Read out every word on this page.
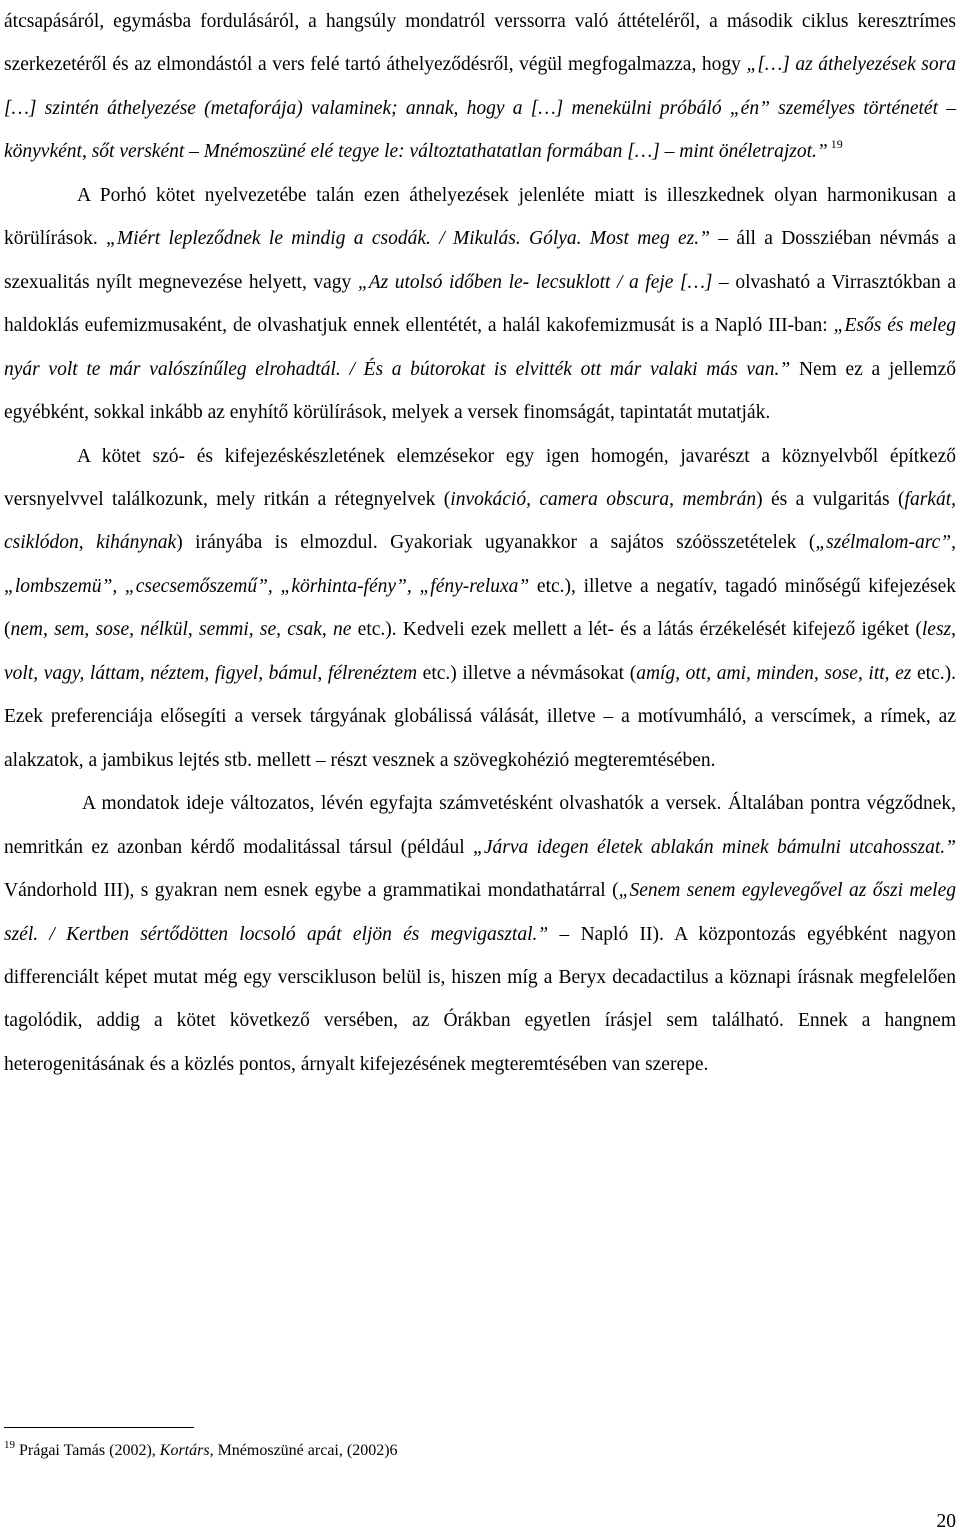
átcsapásáról, egymásba fordulásáról, a hangsúly mondatról verssorra való áttételéről, a második ciklus keresztrímes szerkezetéről és az elmondástól a vers felé tartó áthelyeződésről, végül megfogalmazza, hogy „[…] az áthelyezések sora […] szintén áthelyezése (metaforája) valaminek; annak, hogy a […] menekülni próbáló „én” személyes történetét – könyvként, sőt versként – Mnémoszüné elé tegye le: változtathatatlan formában […] – mint önéletrajzot.” $^{19}$

A Porhó kötet nyelvezetébe talán ezen áthelyezések jelenléte miatt is illeszkednek olyan harmonikusan a körülírások. „Miért lepleződnek le mindig a csodák. / Mikulás. Gólya. Most meg ez.” – áll a Dossziéban névmás a szexualitás nyílt megnevezése helyett, vagy „Az utolsó időben le- lecsuklott / a feje […] – olvasható a Virrasztókban a haldoklás eufemizmusaként, de olvashatjuk ennek ellentétét, a halál kakofemizmusát is a Napló III-ban: „Esős és meleg nyár volt te már valószínűleg elrohadtál. / És a bútorokat is elvitték ott már valaki más van.” Nem ez a jellemző egyébként, sokkal inkább az enyhítő körülírások, melyek a versek finomságát, tapintatát mutatják.

A kötet szó- és kifejezéskészletének elemzésekor egy igen homogén, javarészt a köznyelvből építkező versnyelvvel találkozunk, mely ritkán a rétegnyelvek (invokáció, camera obscura, membrán) és a vulgaritás (farkát, csiklódon, kihánynak) irányába is elmozdul. Gyakoriak ugyanakkor a sajátos szóösszetételek („szélmalom-arc”, „lombszemü”, „csecsemőszemű”, „körhinta-fény”, „fény-reluxa” etc.), illetve a negatív, tagadó minőségű kifejezések (nem, sem, sose, nélkül, semmi, se, csak, ne etc.). Kedveli ezek mellett a lét- és a látás érzékelését kifejező igéket (lesz, volt, vagy, láttam, néztem, figyel, bámul, félrenéztem etc.) illetve a névmásokat (amíg, ott, ami, minden, sose, itt, ez etc.). Ezek preferenciája elősegíti a versek tárgyának globálissá válását, illetve – a motívumháló, a verscímek, a rímek, az alakzatok, a jambikus lejtés stb. mellett – részt vesznek a szövegkohézió megteremtésében.

A mondatok ideje változatos, lévén egyfajta számvetésként olvashatók a versek. Általában pontra végződnek, nemritkán ez azonban kérdő modalitással társul (például „Járva idegen életek ablakán minek bámulni utcahosszat.” Vándorhold III), s gyakran nem esnek egybe a grammatikai mondathatárral („Senem senem egylevegővel az őszi meleg szél. / Kertben sértődötten locsoló apát eljön és megvigasztal.” – Napló II). A központozás egyébként nagyon differenciált képet mutat még egy verscikluson belül is, hiszen míg a Beryx decadactilus a köznapi írásnak megfelelően tagolódik, addig a kötet következő versében, az Órákban egyetlen írásjel sem található. Ennek a hangnem heterogenitásának és a közlés pontos, árnyalt kifejezésének megteremtésében van szerepe.

$^{19}$ Prágai Tamás (2002), Kortárs, Mnémoszüné arcai, (2002)6
20
